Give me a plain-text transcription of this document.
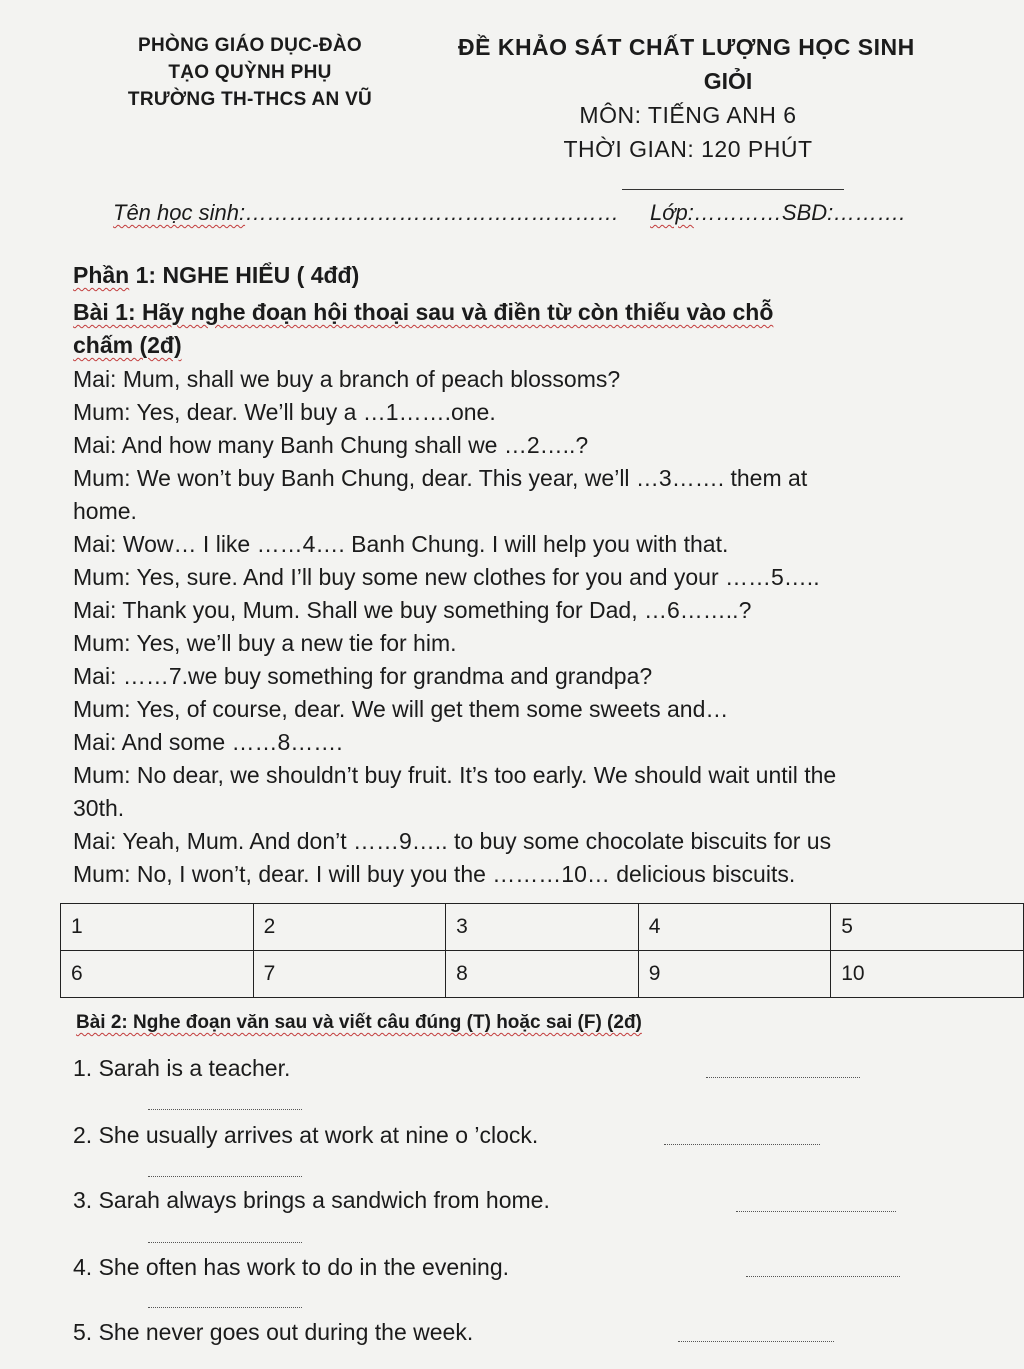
PHÒNG GIÁO DỤC-ĐÀO
TẠO QUỲNH PHỤ
TRƯỜNG TH-THCS AN VŨ
ĐỀ KHẢO SÁT CHẤT LƯỢNG HỌC SINH
GIỎI
MÔN: TIẾNG ANH 6
THỜI GIAN: 120 PHÚT
Tên học sinh:…………………………………………… Lớp:…………SBD:……….
Phần 1: NGHE HIỂU ( 4đđ)
Bài 1: Hãy nghe đoạn hội thoại sau và điền từ còn thiếu vào chỗ
chấm (2đ)
Mai: Mum, shall we buy a branch of peach blossoms?
Mum: Yes, dear. We’ll buy a …1…….one.
Mai: And how many Banh Chung shall we …2…..?
Mum: We won’t buy Banh Chung, dear. This year, we’ll …3……. them at
home.
Mai: Wow… I like ……4…. Banh Chung. I will help you with that.
Mum: Yes, sure. And I’ll buy some new clothes for you and your ……5…..
Mai: Thank you, Mum. Shall we buy something for Dad, …6……..?
Mum: Yes, we’ll buy a new tie for him.
Mai: ……7.we buy something for grandma and grandpa?
Mum: Yes, of course, dear. We will get them some sweets and…
Mai: And some ……8…….
Mum: No dear, we shouldn’t buy fruit. It’s too early. We should wait until the
30th.
Mai: Yeah, Mum. And don’t ……9….. to buy some chocolate biscuits for us
Mum: No, I won’t, dear. I will buy you the ………10… delicious biscuits.
1	2	3	4	5
6	7	8	9	10
Bài 2: Nghe đoạn văn sau và viết câu đúng (T) hoặc sai (F) (2đ)
1. Sarah is a teacher.
2. She usually arrives at work at nine o ’clock.
3. Sarah always brings a sandwich from home.
4. She often has work to do in the evening.
5. She never goes out during the week.
